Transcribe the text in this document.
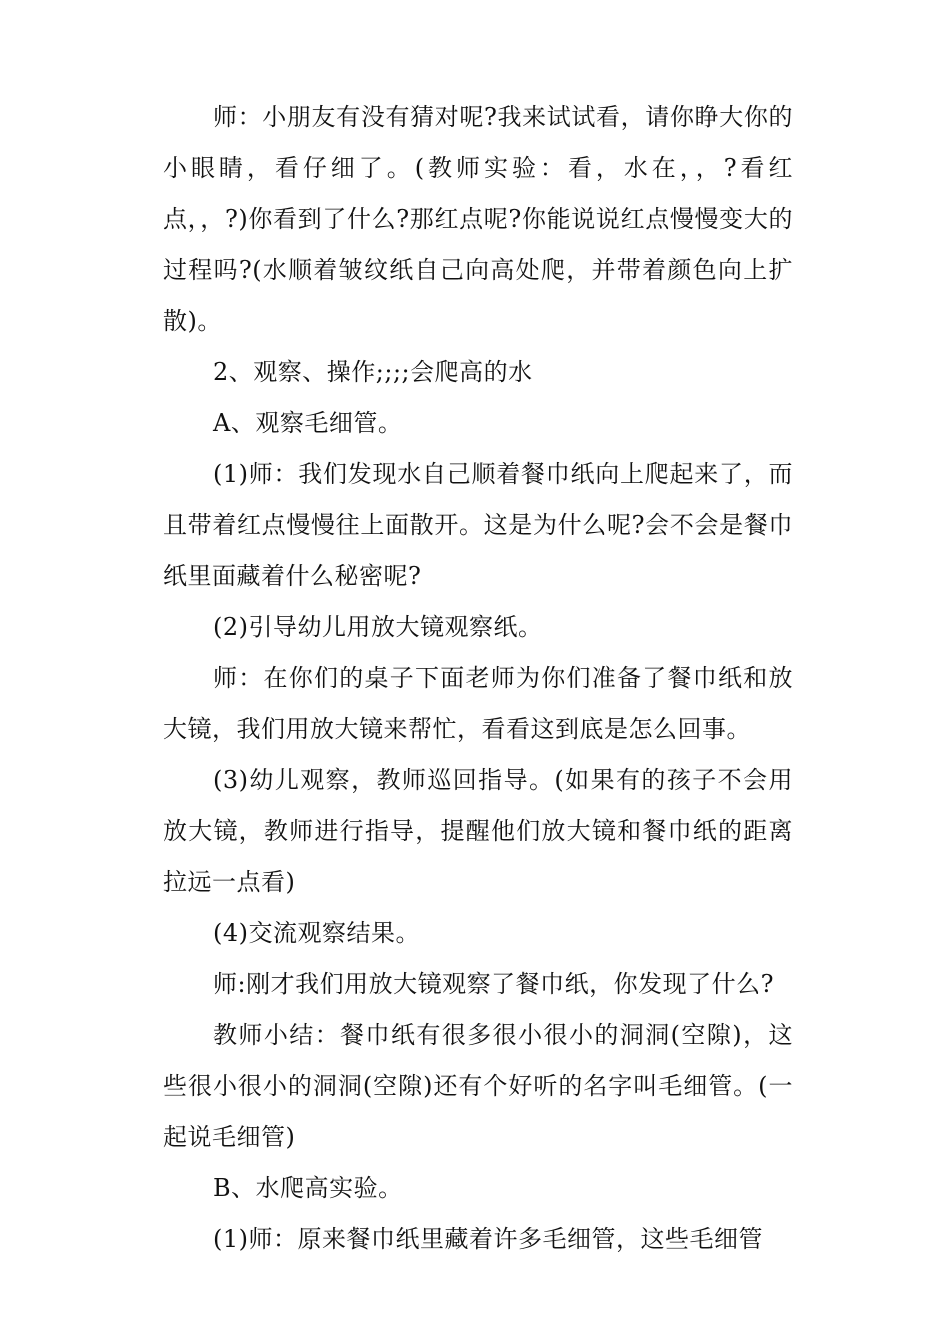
师：小朋友有没有猜对呢?我来试试看，请你睁大你的小眼睛，看仔细了。(教师实验：看，水在，，?看红点，，?)你看到了什么?那红点呢?你能说说红点慢慢变大的过程吗?(水顺着皱纹纸自己向高处爬，并带着颜色向上扩散)。

2、观察、操作;;;;会爬高的水

A、观察毛细管。

(1)师：我们发现水自己顺着餐巾纸向上爬起来了，而且带着红点慢慢往上面散开。这是为什么呢?会不会是餐巾纸里面藏着什么秘密呢?

(2)引导幼儿用放大镜观察纸。

师：在你们的桌子下面老师为你们准备了餐巾纸和放大镜，我们用放大镜来帮忙，看看这到底是怎么回事。

(3)幼儿观察，教师巡回指导。(如果有的孩子不会用放大镜，教师进行指导，提醒他们放大镜和餐巾纸的距离拉远一点看)

(4)交流观察结果。

师:刚才我们用放大镜观察了餐巾纸，你发现了什么?

教师小结：餐巾纸有很多很小很小的洞洞(空隙)，这些很小很小的洞洞(空隙)还有个好听的名字叫毛细管。(一起说毛细管)

B、水爬高实验。

(1)师：原来餐巾纸里藏着许多毛细管，这些毛细管
